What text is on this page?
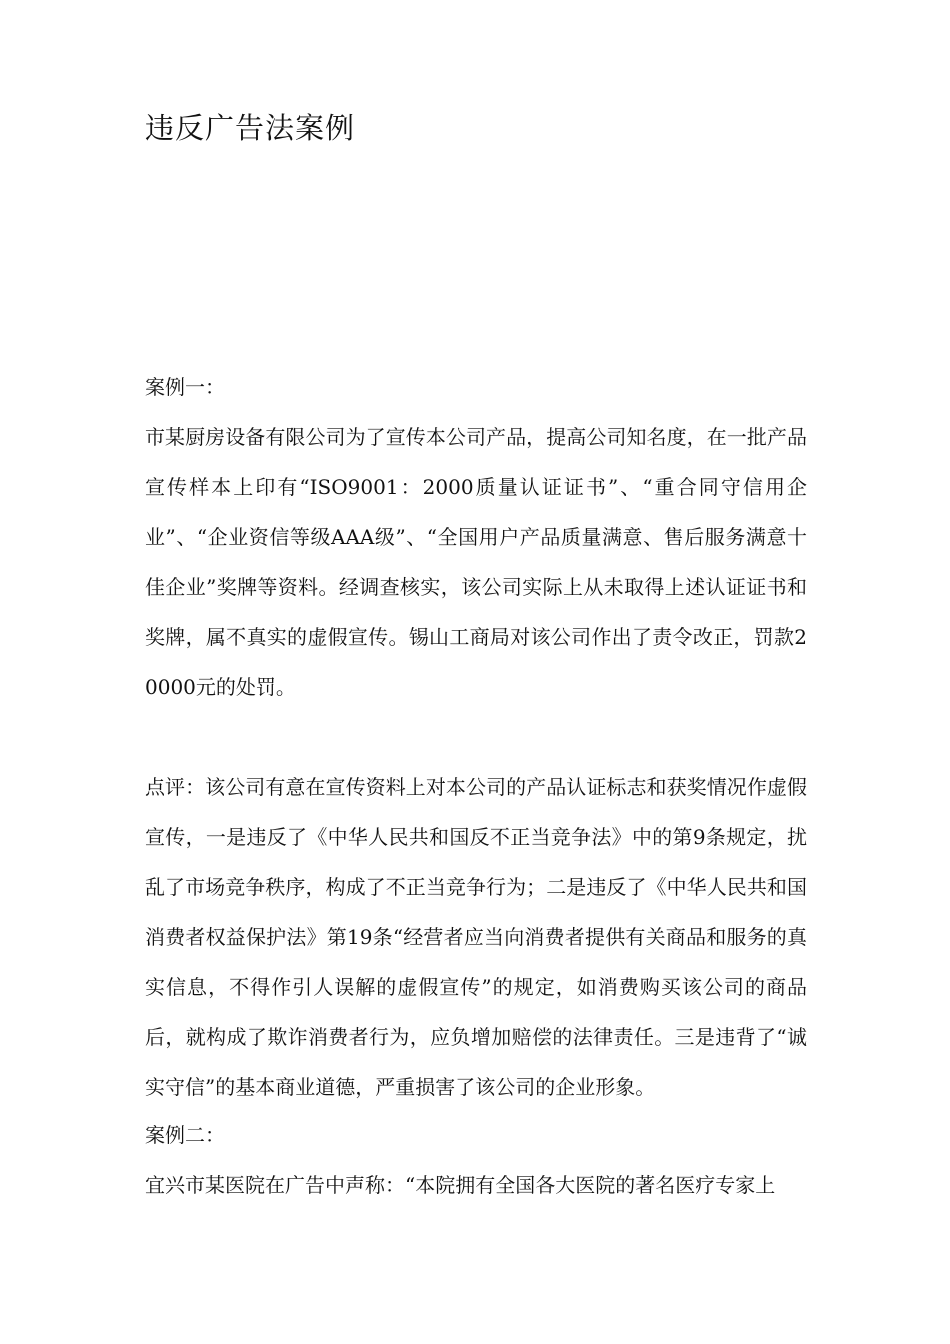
违反广告法案例

案例一：

市某厨房设备有限公司为了宣传本公司产品，提高公司知名度，在一批产品宣传样本上印有“ISO9001：2000质量认证证书”、“重合同守信用企业”、“企业资信等级AAA级”、“全国用户产品质量满意、售后服务满意十佳企业”奖牌等资料。经调查核实，该公司实际上从未取得上述认证证书和奖牌，属不真实的虚假宣传。锡山工商局对该公司作出了责令改正，罚款20000元的处罚。

点评：该公司有意在宣传资料上对本公司的产品认证标志和获奖情况作虚假宣传，一是违反了《中华人民共和国反不正当竞争法》中的第9条规定，扰乱了市场竞争秩序，构成了不正当竞争行为；二是违反了《中华人民共和国消费者权益保护法》第19条“经营者应当向消费者提供有关商品和服务的真实信息，不得作引人误解的虚假宣传”的规定，如消费购买该公司的商品后，就构成了欺诈消费者行为，应负增加赔偿的法律责任。三是违背了“诚实守信”的基本商业道德，严重损害了该公司的企业形象。

案例二：

宜兴市某医院在广告中声称：“本院拥有全国各大医院的著名医疗专家上
